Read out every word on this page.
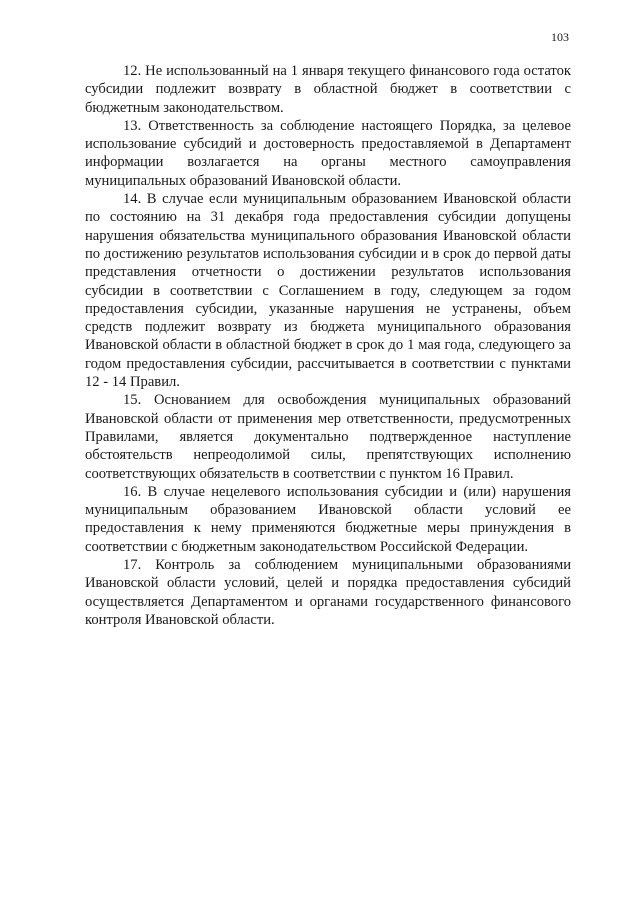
103

12. Не использованный на 1 января текущего финансового года остаток субсидии подлежит возврату в областной бюджет в соответствии с бюджетным законодательством.

13. Ответственность за соблюдение настоящего Порядка, за целевое использование субсидий и достоверность предоставляемой в Департамент информации возлагается на органы местного самоуправления муниципальных образований Ивановской области.

14. В случае если муниципальным образованием Ивановской области по состоянию на 31 декабря года предоставления субсидии допущены нарушения обязательства муниципального образования Ивановской области по достижению результатов использования субсидии и в срок до первой даты представления отчетности о достижении результатов использования субсидии в соответствии с Соглашением в году, следующем за годом предоставления субсидии, указанные нарушения не устранены, объем средств подлежит возврату из бюджета муниципального образования Ивановской области в областной бюджет в срок до 1 мая года, следующего за годом предоставления субсидии, рассчитывается в соответствии с пунктами 12 - 14 Правил.

15. Основанием для освобождения муниципальных образований Ивановской области от применения мер ответственности, предусмотренных Правилами, является документально подтвержденное наступление обстоятельств непреодолимой силы, препятствующих исполнению соответствующих обязательств в соответствии с пунктом 16 Правил.

16. В случае нецелевого использования субсидии и (или) нарушения муниципальным образованием Ивановской области условий ее предоставления к нему применяются бюджетные меры принуждения в соответствии с бюджетным законодательством Российской Федерации.

17. Контроль за соблюдением муниципальными образованиями Ивановской области условий, целей и порядка предоставления субсидий осуществляется Департаментом и органами государственного финансового контроля Ивановской области.
